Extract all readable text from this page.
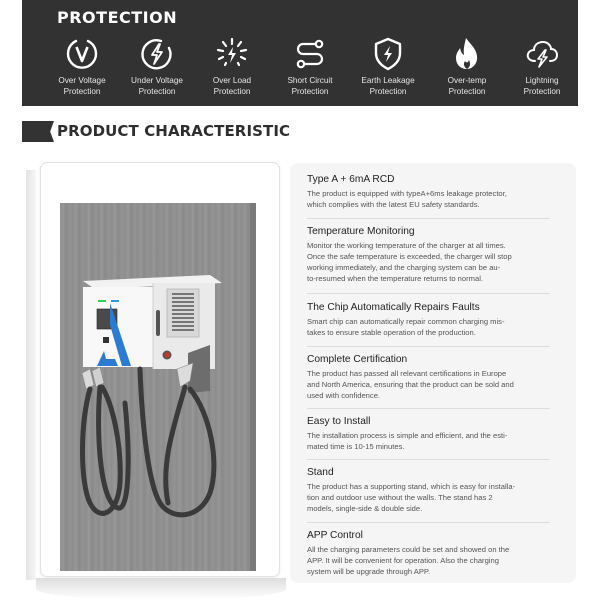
PROTECTION
Over Voltage
Protection
Under Voltage
Protection
Over Load
Protection
Short Circuit
Protection
Earth Leakage
Protection
Over-temp
Protection
Lightning
Protection
PRODUCT CHARACTERISTIC
Type A + 6mA RCD
The product is equipped with typeA+6ms leakage protector,
which complies with the latest EU safety standards.
Temperature Monitoring
Monitor the working temperature of the charger at all times.
Once the safe temperature is exceeded, the charger will stop
working immediately, and the charging system can be au-
to-resumed when the temperature returns to normal.
The Chip Automatically Repairs Faults
Smart chip can automatically repair common charging mis-
takes to ensure stable operation of the production.
Complete Certification
The product has passed all relevant certifications in Europe
and North America, ensuring that the product can be sold and
used with confidence.
Easy to Install
The installation process is simple and efficient, and the esti-
mated time is 10-15 minutes.
Stand
The product has a supporting stand, which is easy for installa-
tion and outdoor use without the walls. The stand has 2
models, single-side & double side.
APP Control
All the charging parameters could be set and showed on the
APP. It will be convenient for operation. Also the charging
system will be upgrade through APP.
